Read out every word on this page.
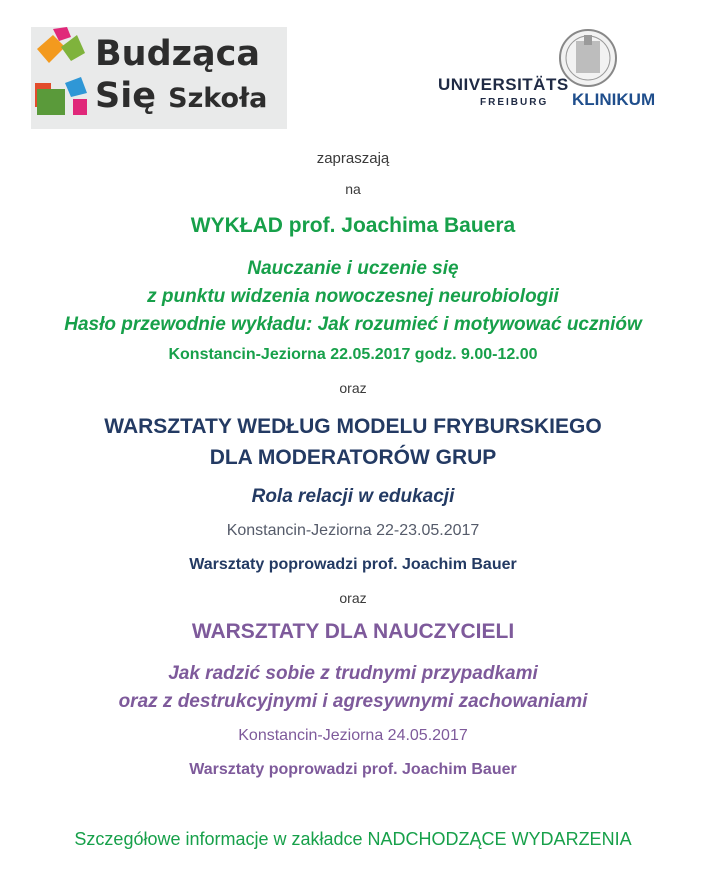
Budząca
Się Szkoła	UNIVERSITÄTS
FREIBURG KLINIKUM
zapraszają
na
WYKŁAD prof. Joachima Bauera
Nauczanie i uczenie się
z punktu widzenia nowoczesnej neurobiologii
Hasło przewodnie wykładu: Jak rozumieć i motywować uczniów
Konstancin-Jeziorna 22.05.2017 godz. 9.00-12.00
oraz
WARSZTATY WEDŁUG MODELU FRYBURSKIEGO
DLA MODERATORÓW GRUP
Rola relacji w edukacji
Konstancin-Jeziorna 22-23.05.2017
Warsztaty poprowadzi prof. Joachim Bauer
oraz
WARSZTATY DLA NAUCZYCIELI
Jak radzić sobie z trudnymi przypadkami
oraz z destrukcyjnymi i agresywnymi zachowaniami
Konstancin-Jeziorna 24.05.2017
Warsztaty poprowadzi prof. Joachim Bauer
Szczegółowe informacje w zakładce NADCHODZĄCE WYDARZENIA
